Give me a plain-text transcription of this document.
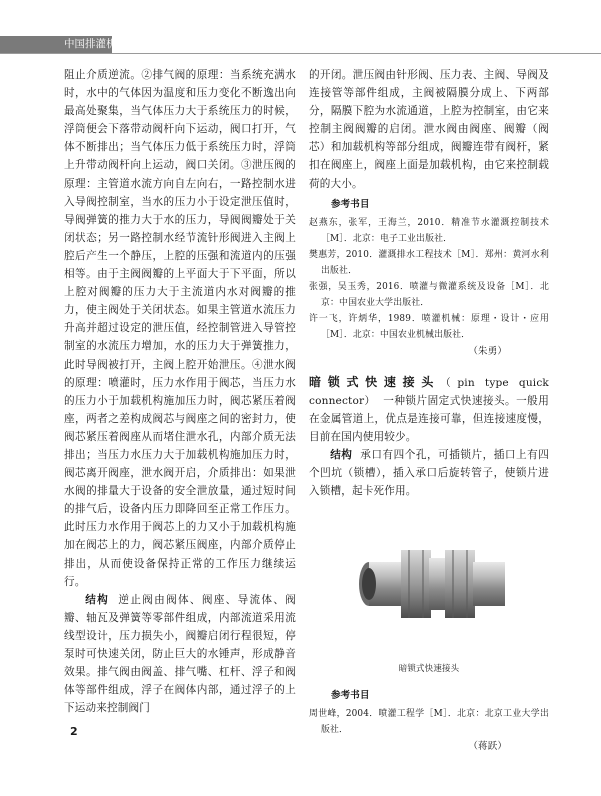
中国排灌机械全书

阻止介质逆流。②排气阀的原理：当系统充满水时，水中的气体因为温度和压力变化不断逸出向最高处聚集，当气体压力大于系统压力的时候，浮筒便会下落带动阀杆向下运动，阀口打开，气体不断排出；当气体压力低于系统压力时，浮筒上升带动阀杆向上运动，阀口关闭。③泄压阀的原理：主管道水流方向自左向右，一路控制水进入导阀控制室，当水的压力小于设定泄压值时，导阀弹簧的推力大于水的压力，导阀阀瓣处于关闭状态；另一路控制水经节流针形阀进入主阀上腔后产生一个静压，上腔的压强和流道内的压强相等。由于主阀阀瓣的上平面大于下平面，所以上腔对阀瓣的压力大于主流道内水对阀瓣的推力，使主阀处于关闭状态。如果主管道水流压力升高并超过设定的泄压值，经控制管进入导管控制室的水流压力增加，水的压力大于弹簧推力，此时导阀被打开，主阀上腔开始泄压。④泄水阀的原理：喷灌时，压力水作用于阀芯，当压力水的压力小于加载机构施加压力时，阀芯紧压着阀座，两者之差构成阀芯与阀座之间的密封力，使阀芯紧压着阀座从而堵住泄水孔，内部介质无法排出；当压力水压力大于加载机构施加压力时，阀芯离开阀座，泄水阀开启，介质排出：如果泄水阀的排量大于设备的安全泄放量，通过短时间的排气后，设备内压力即降回至正常工作压力。此时压力水作用于阀芯上的力又小于加载机构施加在阀芯上的力，阀芯紧压阀座，内部介质停止排出，从而使设备保持正常的工作压力继续运行。

结构 逆止阀由阀体、阀座、导流体、阀瓣、轴瓦及弹簧等零部件组成，内部流道采用流线型设计，压力损失小，阀瓣启闭行程很短，停泵时可快速关闭，防止巨大的水锤声，形成静音效果。排气阀由阀盖、排气嘴、杠杆、浮子和阀体等部件组成，浮子在阀体内部，通过浮子的上下运动来控制阀门

的开闭。泄压阀由针形阀、压力表、主阀、导阀及连接管等部件组成，主阀被隔膜分成上、下两部分，隔膜下腔为水流通道，上腔为控制室，由它来控制主阀阀瓣的启闭。泄水阀由阀座、阀瓣（阀芯）和加载机构等部分组成，阀瓣连带有阀杆，紧扣在阀座上，阀座上面是加载机构，由它来控制载荷的大小。

参考书目
赵燕东，张军，王海兰，2010．精准节水灌溉控制技术［M］．北京：电子工业出版社．
樊惠芳，2010．灌溉排水工程技术［M］．郑州：黄河水利出版社．
张强，吴玉秀，2016．喷灌与微灌系统及设备［M］．北京：中国农业大学出版社．
许一飞，许炳华，1989．喷灌机械：原理・设计・应用［M］．北京：中国农业机械出版社．
（朱勇）

暗锁式快速接头（pin type quick connector） 一种锁片固定式快速接头。一般用在金属管道上，优点是连接可靠，但连接速度慢，目前在国内使用较少。

结构 承口有四个孔，可插锁片，插口上有四个凹坑（锁槽），插入承口后旋转管子，使锁片进入锁槽，起卡死作用。

暗锁式快速接头
参考书目
周世峰，2004．喷灌工程学［M］．北京：北京工业大学出版社．
（蒋跃）
2
